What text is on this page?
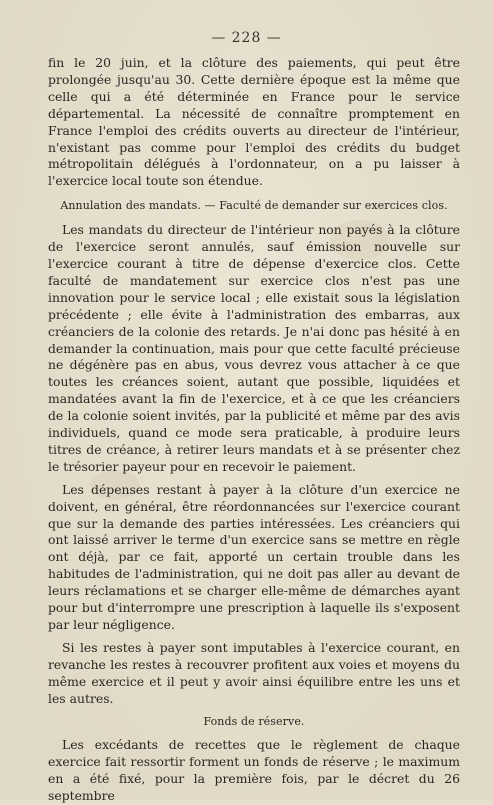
— 228 —

fin le 20 juin, et la clôture des paiements, qui peut être prolongée jusqu'au 30. Cette dernière époque est la même que celle qui a été déterminée en France pour le service départemental. La nécessité de connaître promptement en France l'emploi des crédits ouverts au directeur de l'intérieur, n'existant pas comme pour l'emploi des crédits du budget métropolitain délégués à l'ordonnateur, on a pu laisser à l'exercice local toute son étendue.

Annulation des mandats. — Faculté de demander sur exercices clos.

Les mandats du directeur de l'intérieur non payés à la clôture de l'exercice seront annulés, sauf émission nouvelle sur l'exercice courant à titre de dépense d'exercice clos. Cette faculté de mandatement sur exercice clos n'est pas une innovation pour le service local ; elle existait sous la législation précédente ; elle évite à l'administration des embarras, aux créanciers de la colonie des retards. Je n'ai donc pas hésité à en demander la continuation, mais pour que cette faculté précieuse ne dégénère pas en abus, vous devrez vous attacher à ce que toutes les créances soient, autant que possible, liquidées et mandatées avant la fin de l'exercice, et à ce que les créanciers de la colonie soient invités, par la publicité et même par des avis individuels, quand ce mode sera praticable, à produire leurs titres de créance, à retirer leurs mandats et à se présenter chez le trésorier payeur pour en recevoir le paiement.

Les dépenses restant à payer à la clôture d'un exercice ne doivent, en général, être réordonnancées sur l'exercice courant que sur la demande des parties intéressées. Les créanciers qui ont laissé arriver le terme d'un exercice sans se mettre en règle ont déjà, par ce fait, apporté un certain trouble dans les habitudes de l'administration, qui ne doit pas aller au devant de leurs réclamations et se charger elle-même de démarches ayant pour but d'interrompre une prescription à laquelle ils s'exposent par leur négligence.

Si les restes à payer sont imputables à l'exercice courant, en revanche les restes à recouvrer profitent aux voies et moyens du même exercice et il peut y avoir ainsi équilibre entre les uns et les autres.

Fonds de réserve.

Les excédants de recettes que le règlement de chaque exercice fait ressortir forment un fonds de réserve ; le maximum en a été fixé, pour la première fois, par le décret du 26 septembre
